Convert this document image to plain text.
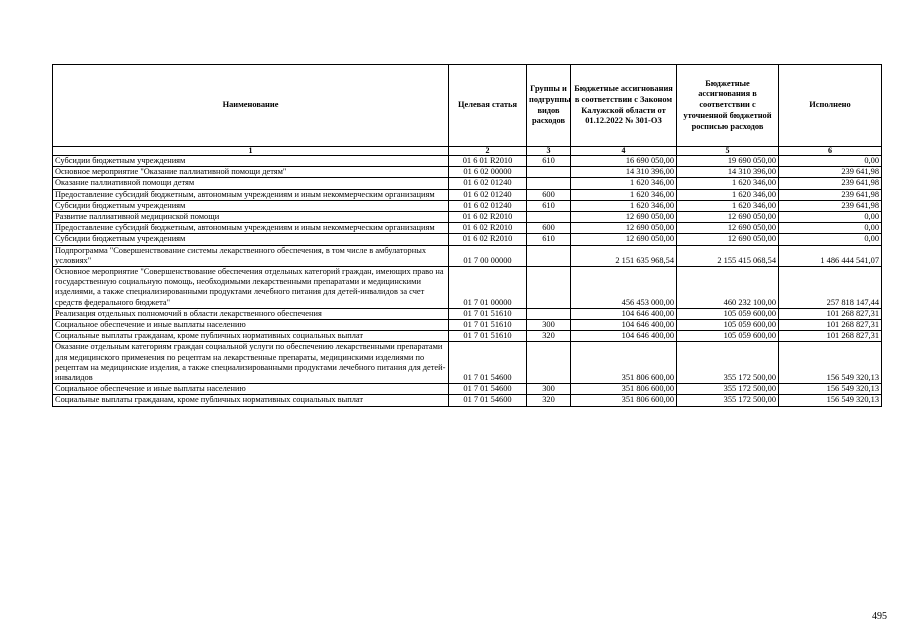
Наименование	Целевая статья	Группы и подгруппы видов расходов	Бюджетные ассигнования в соответствии с Законом Калужской области от 01.12.2022 № 301-ОЗ	Бюджетные ассигнования в соответствии с уточненной бюджетной росписью расходов	Исполнено
1	2	3	4	5	6
Субсидии бюджетным учреждениям	01 6 01 R2010	610	16 690 050,00	19 690 050,00	0,00
Основное мероприятие "Оказание паллиативной помощи детям"	01 6 02 00000		14 310 396,00	14 310 396,00	239 641,98
Оказание паллиативной помощи детям	01 6 02 01240		1 620 346,00	1 620 346,00	239 641,98
Предоставление субсидий бюджетным, автономным учреждениям и иным некоммерческим организациям	01 6 02 01240	600	1 620 346,00	1 620 346,00	239 641,98
Субсидии бюджетным учреждениям	01 6 02 01240	610	1 620 346,00	1 620 346,00	239 641,98
Развитие паллиативной медицинской помощи	01 6 02 R2010		12 690 050,00	12 690 050,00	0,00
Предоставление субсидий бюджетным, автономным учреждениям и иным некоммерческим организациям	01 6 02 R2010	600	12 690 050,00	12 690 050,00	0,00
Субсидии бюджетным учреждениям	01 6 02 R2010	610	12 690 050,00	12 690 050,00	0,00
Подпрограмма "Совершенствование системы лекарственного обеспечения, в том числе в амбулаторных условиях"	01 7 00 00000		2 151 635 968,54	2 155 415 068,54	1 486 444 541,07
Основное мероприятие "Совершенствование обеспечения отдельных категорий граждан, имеющих право на государственную социальную помощь, необходимыми лекарственными препаратами и медицинскими изделиями, а также специализированными продуктами лечебного питания для детей-инвалидов за счет средств федерального бюджета"	01 7 01 00000		456 453 000,00	460 232 100,00	257 818 147,44
Реализация отдельных полномочий в области лекарственного обеспечения	01 7 01 51610		104 646 400,00	105 059 600,00	101 268 827,31
Социальное обеспечение и иные выплаты населению	01 7 01 51610	300	104 646 400,00	105 059 600,00	101 268 827,31
Социальные выплаты гражданам, кроме публичных нормативных социальных выплат	01 7 01 51610	320	104 646 400,00	105 059 600,00	101 268 827,31
Оказание отдельным категориям граждан социальной услуги по обеспечению лекарственными препаратами для медицинского применения по рецептам на лекарственные препараты, медицинскими изделиями по рецептам на медицинские изделия, а также специализированными продуктами лечебного питания для детей-инвалидов	01 7 01 54600		351 806 600,00	355 172 500,00	156 549 320,13
Социальное обеспечение и иные выплаты населению	01 7 01 54600	300	351 806 600,00	355 172 500,00	156 549 320,13
Социальные выплаты гражданам, кроме публичных нормативных социальных выплат	01 7 01 54600	320	351 806 600,00	355 172 500,00	156 549 320,13
495
